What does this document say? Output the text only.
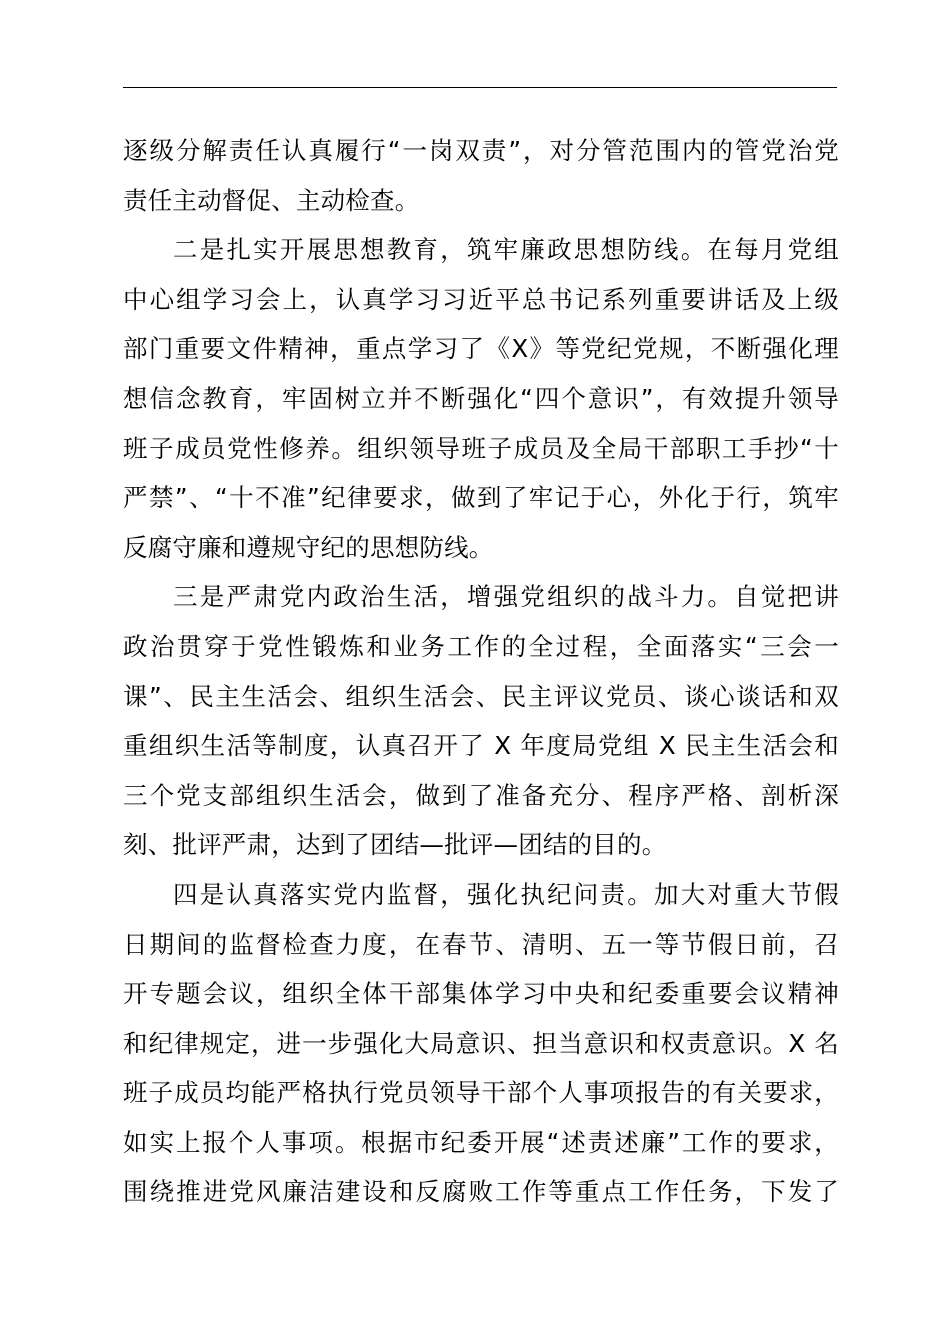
逐级分解责任认真履行“一岗双责”，对分管范围内的管党治党
责任主动督促、主动检查。
二是扎实开展思想教育，筑牢廉政思想防线。在每月党组
中心组学习会上，认真学习习近平总书记系列重要讲话及上级
部门重要文件精神，重点学习了《X》等党纪党规，不断强化理
想信念教育，牢固树立并不断强化“四个意识”，有效提升领导
班子成员党性修养。组织领导班子成员及全局干部职工手抄“十
严禁”、“十不准”纪律要求，做到了牢记于心，外化于行，筑牢
反腐守廉和遵规守纪的思想防线。
三是严肃党内政治生活，增强党组织的战斗力。自觉把讲
政治贯穿于党性锻炼和业务工作的全过程，全面落实“三会一
课”、民主生活会、组织生活会、民主评议党员、谈心谈话和双
重组织生活等制度，认真召开了 X 年度局党组 X 民主生活会和
三个党支部组织生活会，做到了准备充分、程序严格、剖析深
刻、批评严肃，达到了团结—批评—团结的目的。
四是认真落实党内监督，强化执纪问责。加大对重大节假
日期间的监督检查力度，在春节、清明、五一等节假日前，召
开专题会议，组织全体干部集体学习中央和纪委重要会议精神
和纪律规定，进一步强化大局意识、担当意识和权责意识。X 名
班子成员均能严格执行党员领导干部个人事项报告的有关要求，
如实上报个人事项。根据市纪委开展“述责述廉”工作的要求，
围绕推进党风廉洁建设和反腐败工作等重点工作任务，下发了
